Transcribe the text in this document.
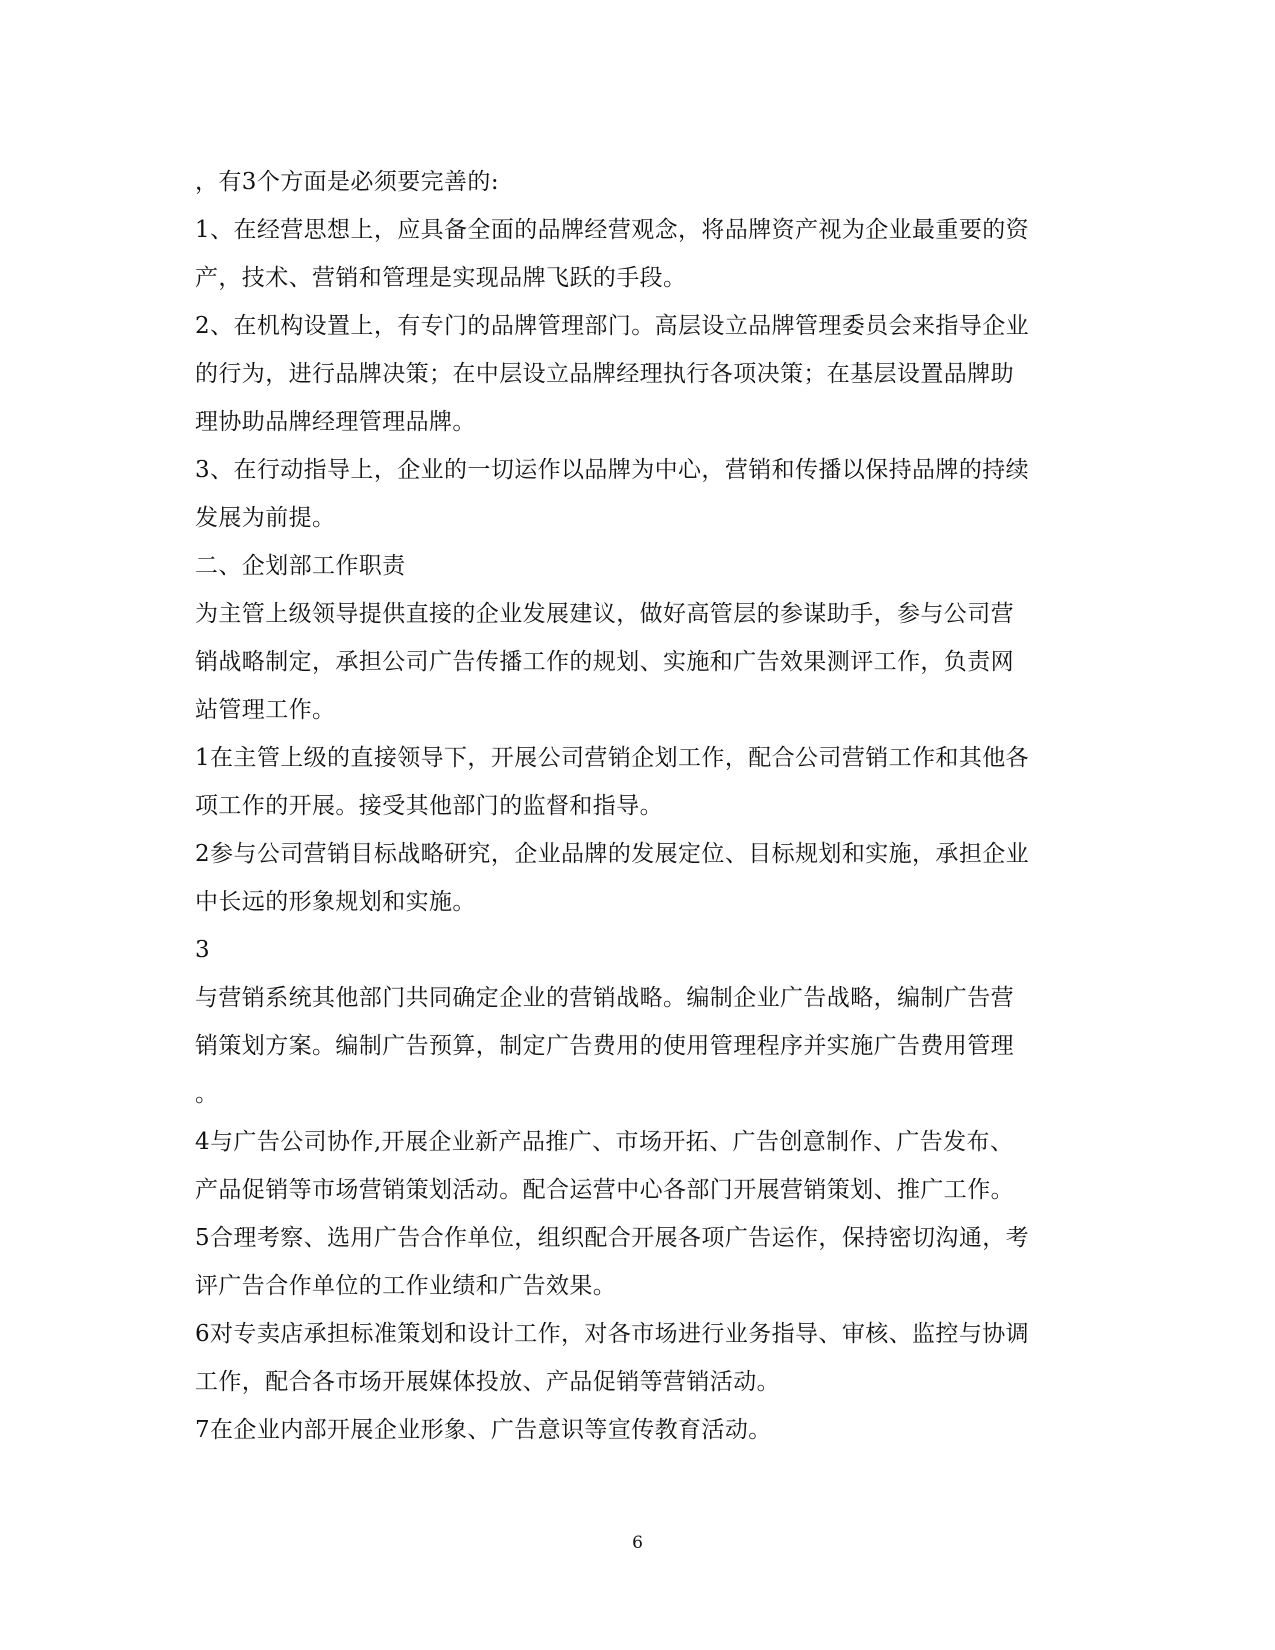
，有3个方面是必须要完善的:
1、在经营思想上，应具备全面的品牌经营观念，将品牌资产视为企业最重要的资
产，技术、营销和管理是实现品牌飞跃的手段。
2、在机构设置上，有专门的品牌管理部门。高层设立品牌管理委员会来指导企业
的行为，进行品牌决策；在中层设立品牌经理执行各项决策；在基层设置品牌助
理协助品牌经理管理品牌。
3、在行动指导上，企业的一切运作以品牌为中心，营销和传播以保持品牌的持续
发展为前提。
二、企划部工作职责
为主管上级领导提供直接的企业发展建议，做好高管层的参谋助手，参与公司营
销战略制定，承担公司广告传播工作的规划、实施和广告效果测评工作，负责网
站管理工作。
1在主管上级的直接领导下，开展公司营销企划工作，配合公司营销工作和其他各
项工作的开展。接受其他部门的监督和指导。
2参与公司营销目标战略研究，企业品牌的发展定位、目标规划和实施，承担企业
中长远的形象规划和实施。
3
与营销系统其他部门共同确定企业的营销战略。编制企业广告战略，编制广告营
销策划方案。编制广告预算，制定广告费用的使用管理程序并实施广告费用管理
。
4与广告公司协作,开展企业新产品推广、市场开拓、广告创意制作、广告发布、
产品促销等市场营销策划活动。配合运营中心各部门开展营销策划、推广工作。
5合理考察、选用广告合作单位，组织配合开展各项广告运作，保持密切沟通，考
评广告合作单位的工作业绩和广告效果。
6对专卖店承担标准策划和设计工作，对各市场进行业务指导、审核、监控与协调
工作，配合各市场开展媒体投放、产品促销等营销活动。
7在企业内部开展企业形象、广告意识等宣传教育活动。
6
